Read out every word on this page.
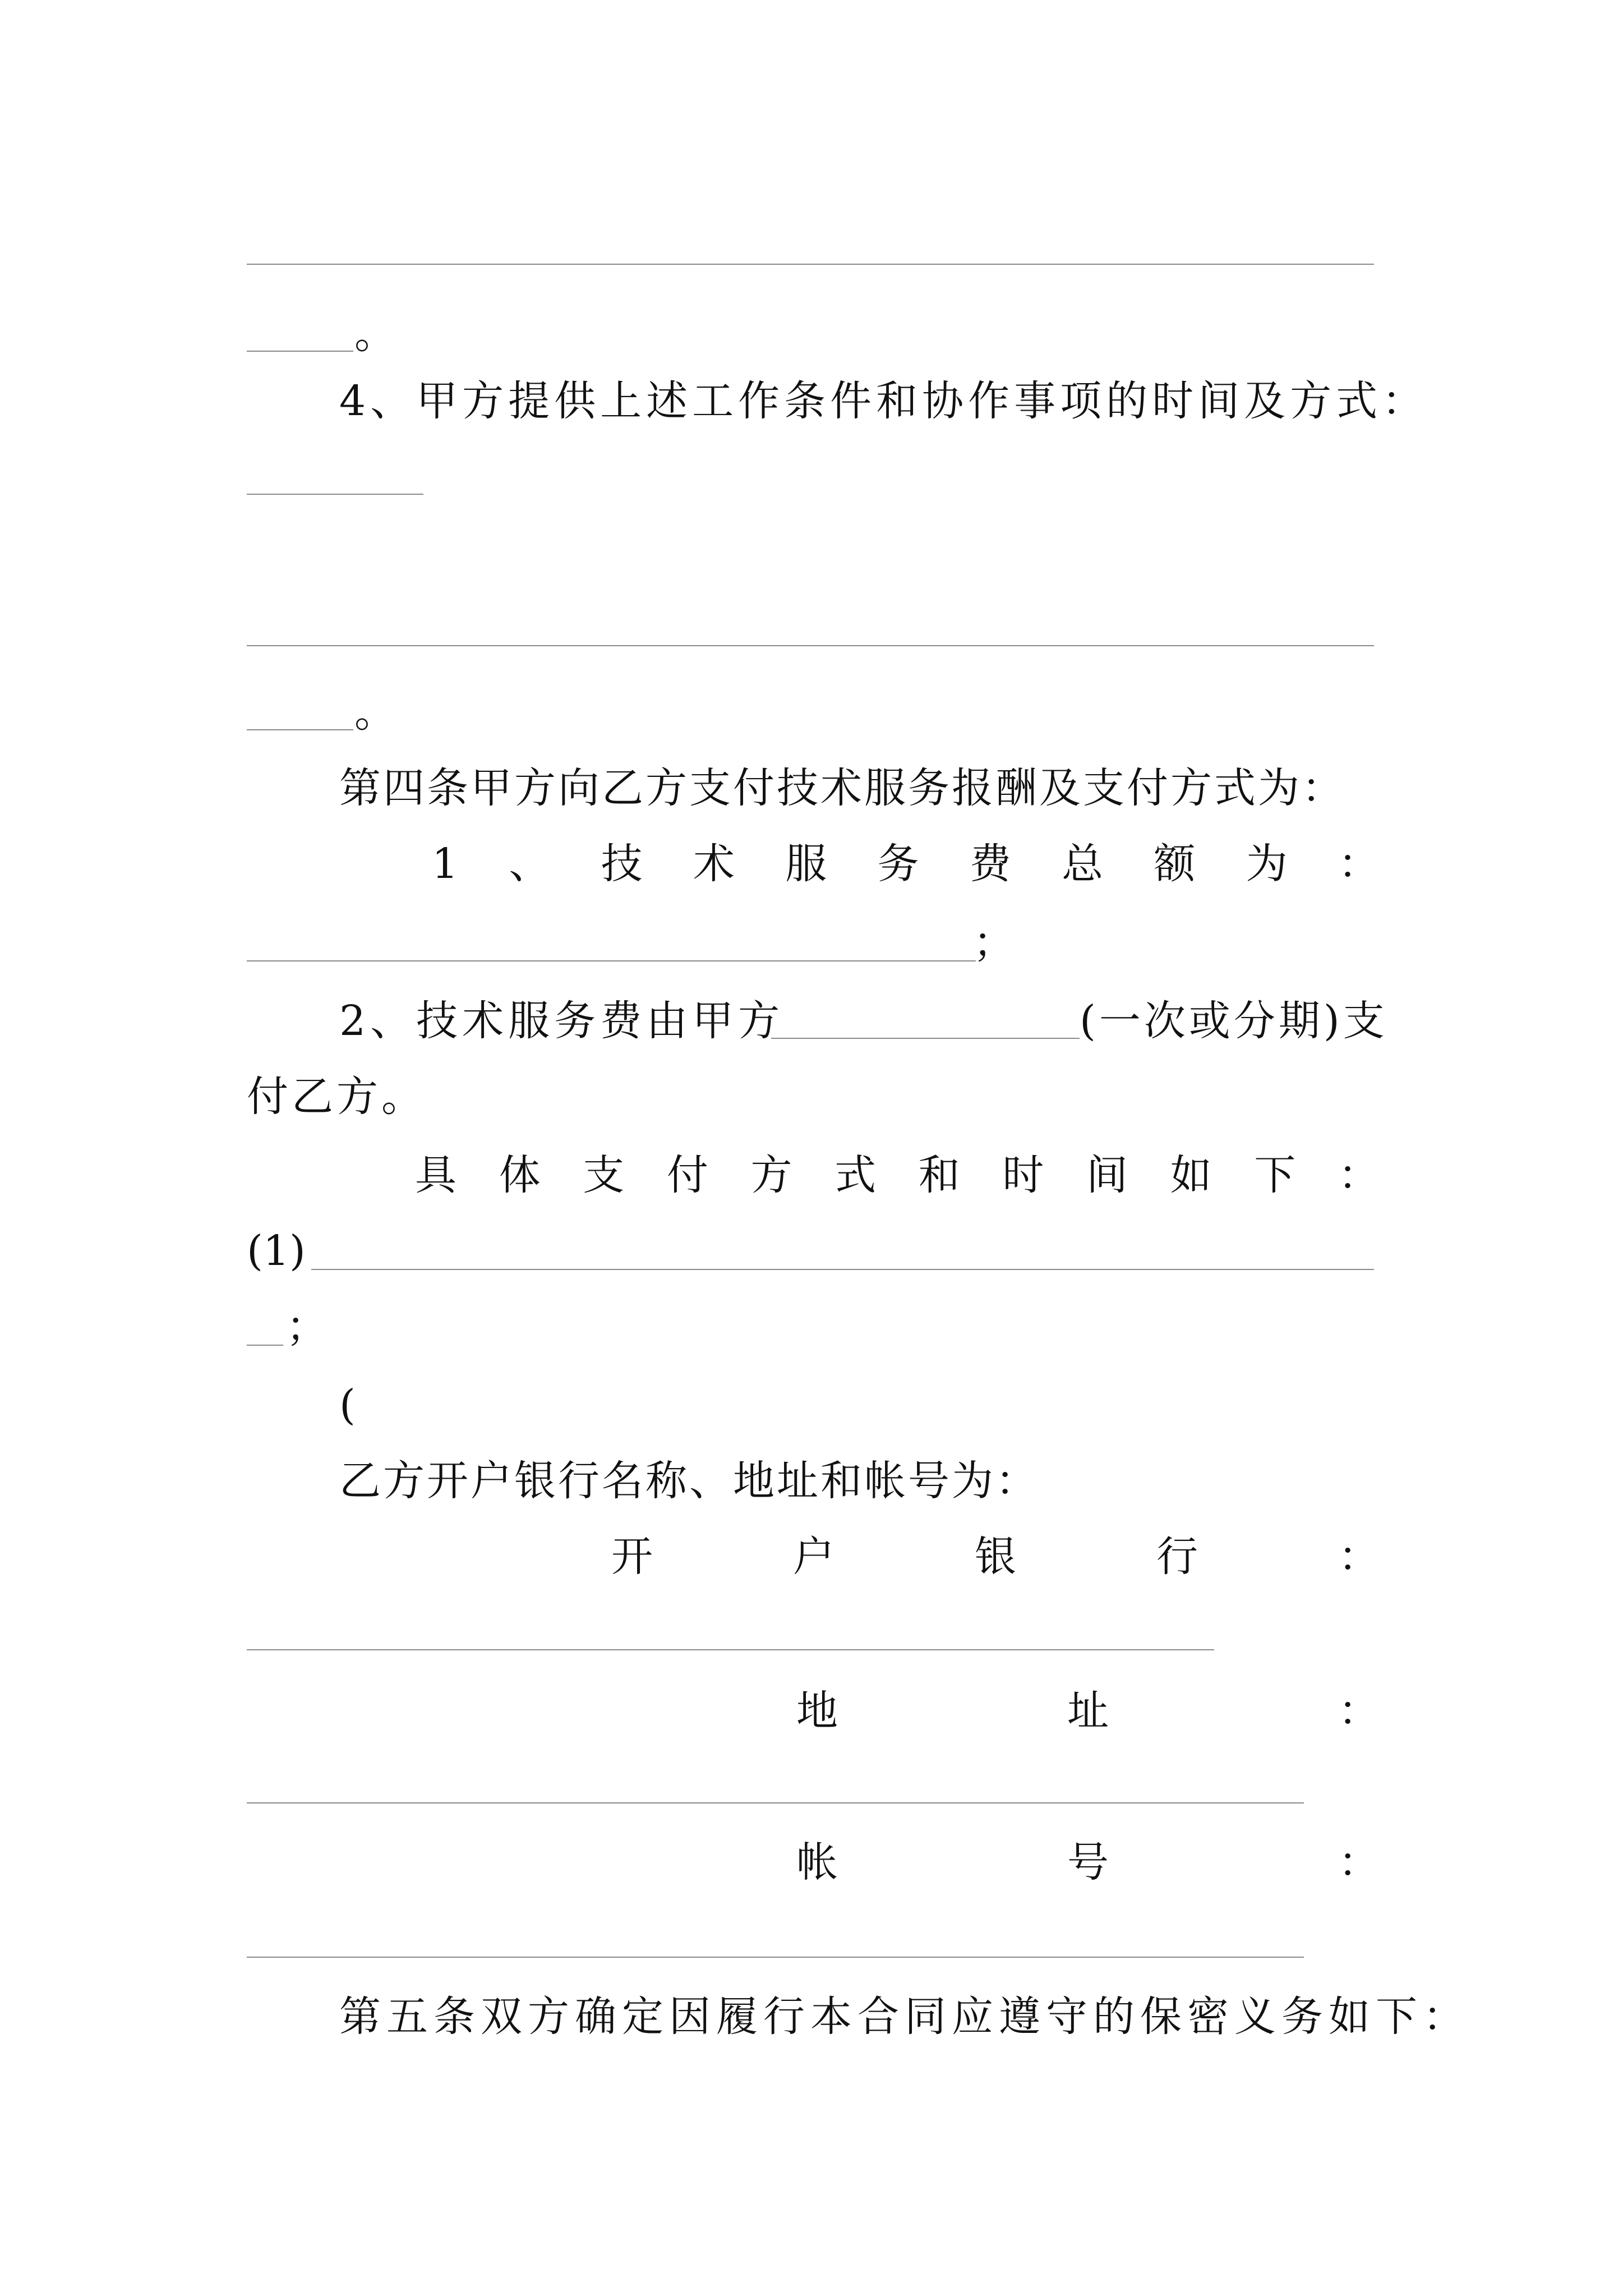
。
4、甲方提供上述工作条件和协作事项的时间及方式：
。
第四条甲方向乙方支付技术服务报酬及支付方式为：
1 、 技 术 服 务 费 总 额 为 ：
；
2、技术服务费由甲方	(一次或分期)支
付乙方。
具 体 支 付 方 式 和 时 间 如 下 ：
(1)
；
(
乙方开户银行名称、地址和帐号为：
开	户	银	行	：
地	址	：
帐	号	：
第五条双方确定因履行本合同应遵守的保密义务如下：
